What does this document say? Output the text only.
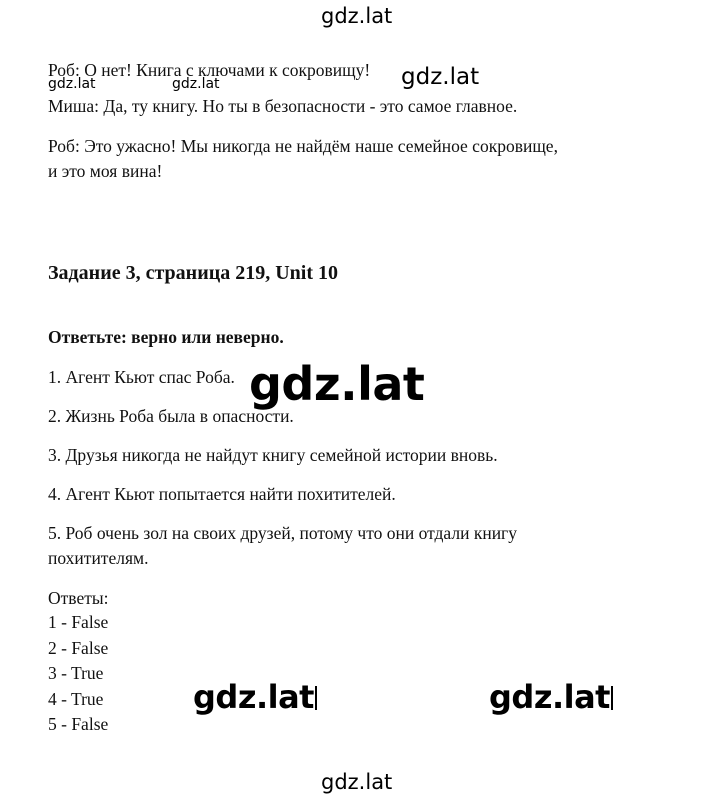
gdz.lat
gdz.lat	gdz.lat
Роб: О нет! Книга с ключами к сокровищу! gdz.lat
Миша: Да, ту книгу. Но ты в безопасности - это самое главное.
Роб: Это ужасно! Мы никогда не найдём наше семейное сокровище,
и это моя вина!
Задание 3, страница 219, Unit 10
Ответьте: верно или неверно.
1. Агент Кьют спас Роба. gdz.lat
2. Жизнь Роба была в опасности.
3. Друзья никогда не найдут книгу семейной истории вновь.
4. Агент Кьют попытается найти похитителей.
5. Роб очень зол на своих друзей, потому что они отдали книгу
похитителям.
Ответы:
1 - False
2 - False
3 - True
4 - True
5 - False
gdz.lat	gdz.lat
gdz.lat
